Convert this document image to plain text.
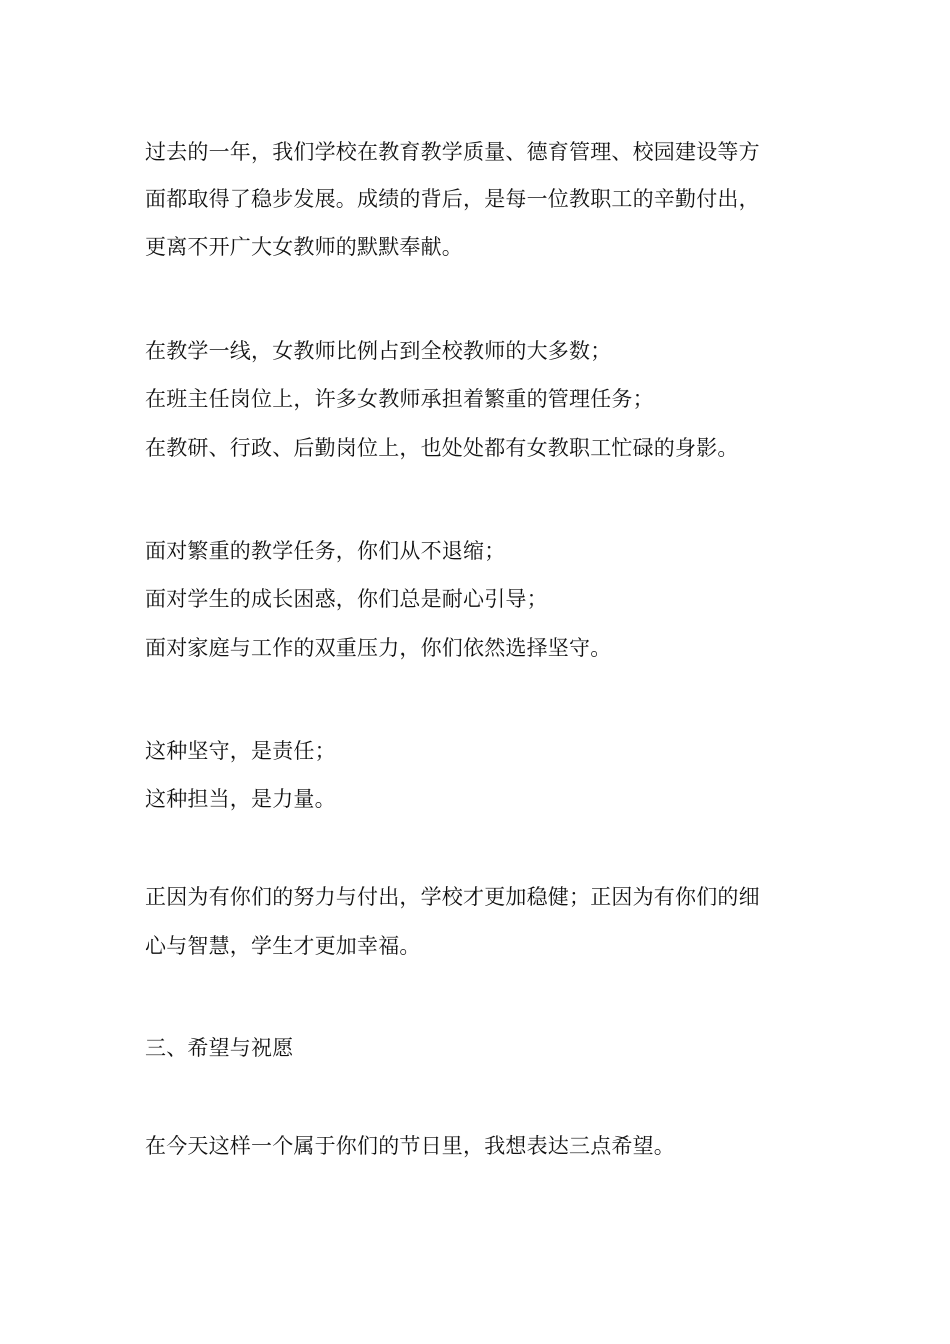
过去的一年，我们学校在教育教学质量、德育管理、校园建设等方
面都取得了稳步发展。成绩的背后，是每一位教职工的辛勤付出，
更离不开广大女教师的默默奉献。
在教学一线，女教师比例占到全校教师的大多数；
在班主任岗位上，许多女教师承担着繁重的管理任务；
在教研、行政、后勤岗位上，也处处都有女教职工忙碌的身影。
面对繁重的教学任务，你们从不退缩；
面对学生的成长困惑，你们总是耐心引导；
面对家庭与工作的双重压力，你们依然选择坚守。
这种坚守，是责任；
这种担当，是力量。
正因为有你们的努力与付出，学校才更加稳健；正因为有你们的细
心与智慧，学生才更加幸福。
三、希望与祝愿
在今天这样一个属于你们的节日里，我想表达三点希望。
